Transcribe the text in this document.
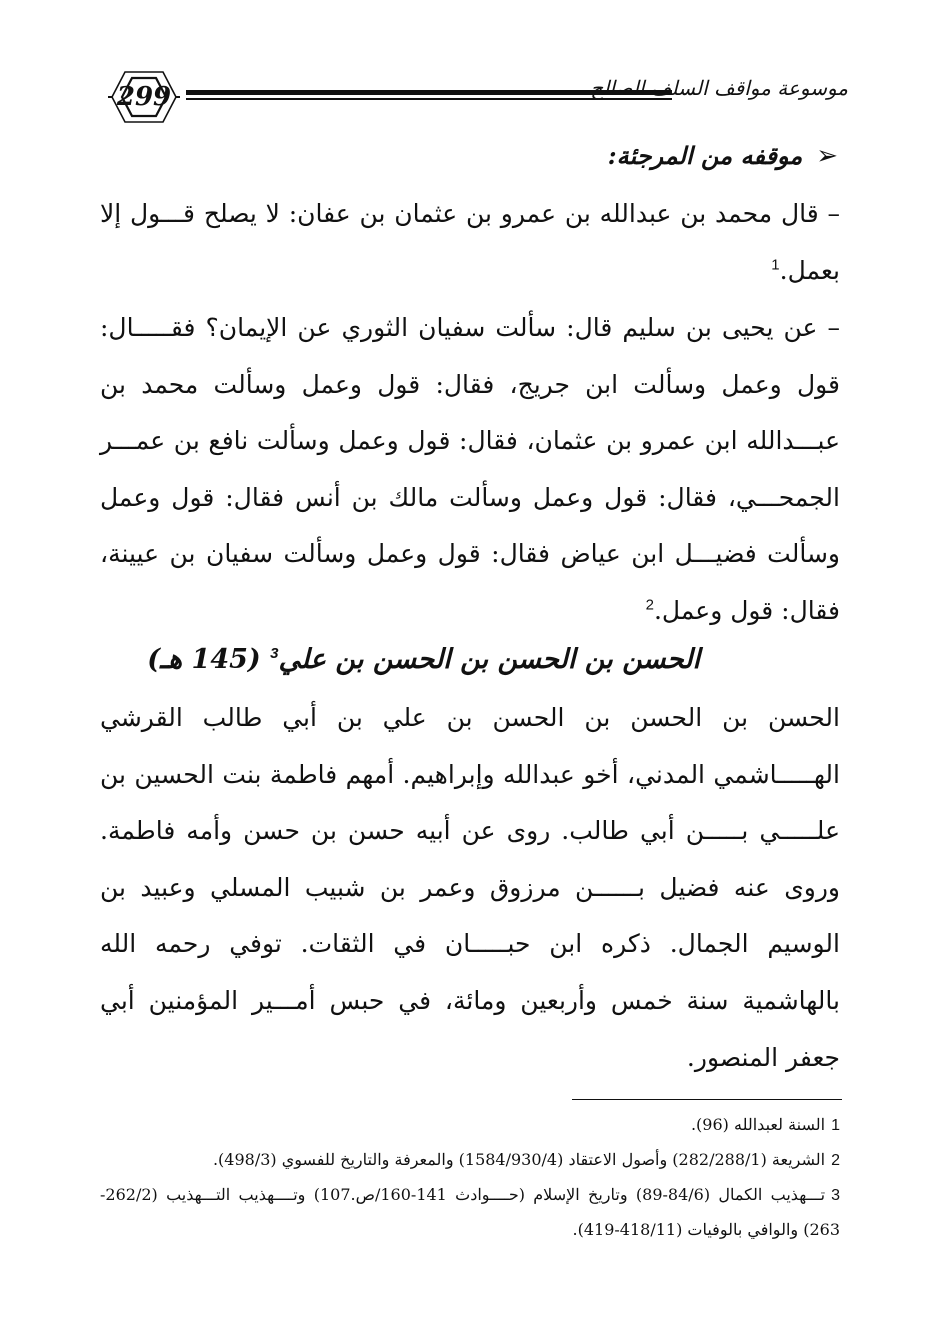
299	موسوعة مواقف السلف الصالح
➢موقفه من المرجئة:
– قال محمد بن عبدالله بن عمرو بن عثمان بن عفان: لا يصلح قـــول إلا بعمل.$^1$
– عن يحيى بن سليم قال: سألت سفيان الثوري عن الإيمان؟ فقـــــال: قول وعمل وسألت ابن جريج، فقال: قول وعمل وسألت محمد بن عبـــدالله ابن عمرو بن عثمان، فقال: قول وعمل وسألت نافع بن عمـــر الجمحـــي، فقال: قول وعمل وسألت مالك بن أنس فقال: قول وعمل وسألت فضيـــل ابن عياض فقال: قول وعمل وسألت سفيان بن عيينة، فقال: قول وعمل.$^2$
الحسن بن الحسن بن الحسن بن علي$^3$ (145 هـ)
الحسن بن الحسن بن الحسن بن علي بن أبي طالب القرشي الهـــــاشمي المدني، أخو عبدالله وإبراهيم. أمهم فاطمة بنت الحسين بن علـــــي بـــــن أبي طالب. روى عن أبيه حسن بن حسن وأمه فاطمة. وروى عنه فضيل بــــــن مرزوق وعمر بن شبيب المسلي وعبيد بن الوسيم الجمال. ذكره ابن حبـــــان في الثقات. توفي رحمه الله بالهاشمية سنة خمس وأربعين ومائة، في حبس أمـــير المؤمنين أبي جعفر المنصور.
1السنة لعبدالله (96).
2الشريعة (282/288/1) وأصول الاعتقاد (1584/930/4) والمعرفة والتاريخ للفسوي (498/3).
3تـــهذيب الكمال (84/6-89) وتاريخ الإسلام (حــــوادث 141-160/ص.107) وتــــهذيب التـــهذيب (262/2-263) والوافي بالوفيات (418/11-419).
